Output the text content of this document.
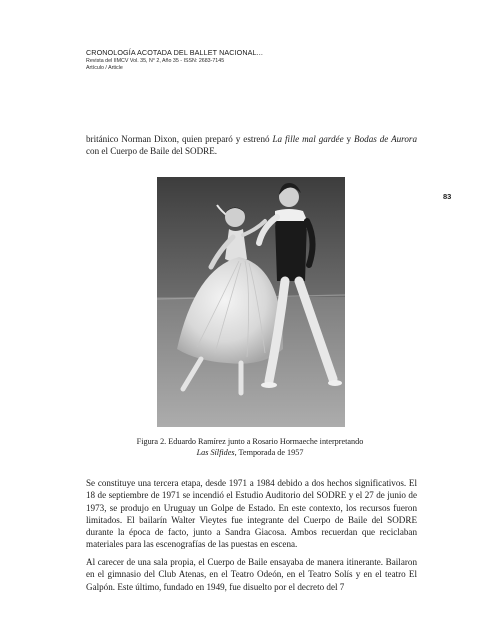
CRONOLOGÍA ACOTADA DEL BALLET NACIONAL...
Revista del IIMCV Vol. 35, N° 2, Año 35 - ISSN: 2683-7145
Artículo / Article
83

británico Norman Dixon, quien preparó y estrenó La fille mal gardée y Bodas de Aurora con el Cuerpo de Baile del SODRE.

Figura 2. Eduardo Ramírez junto a Rosario Hormaeche interpretando
Las Sílfides, Temporada de 1957

Se constituye una tercera etapa, desde 1971 a 1984 debido a dos hechos significativos. El 18 de septiembre de 1971 se incendió el Estudio Auditorio del SODRE y el 27 de junio de 1973, se produjo en Uruguay un Golpe de Estado. En este contexto, los recursos fueron limitados. El bailarín Walter Vieytes fue integrante del Cuerpo de Baile del SODRE durante la época de facto, junto a Sandra Giacosa. Ambos recuerdan que reciclaban materiales para las escenografías de las puestas en escena.

Al carecer de una sala propia, el Cuerpo de Baile ensayaba de manera itinerante. Bailaron en el gimnasio del Club Atenas, en el Teatro Odeón, en el Teatro Solís y en el teatro El Galpón. Este último, fundado en 1949, fue disuelto por el decreto del 7
